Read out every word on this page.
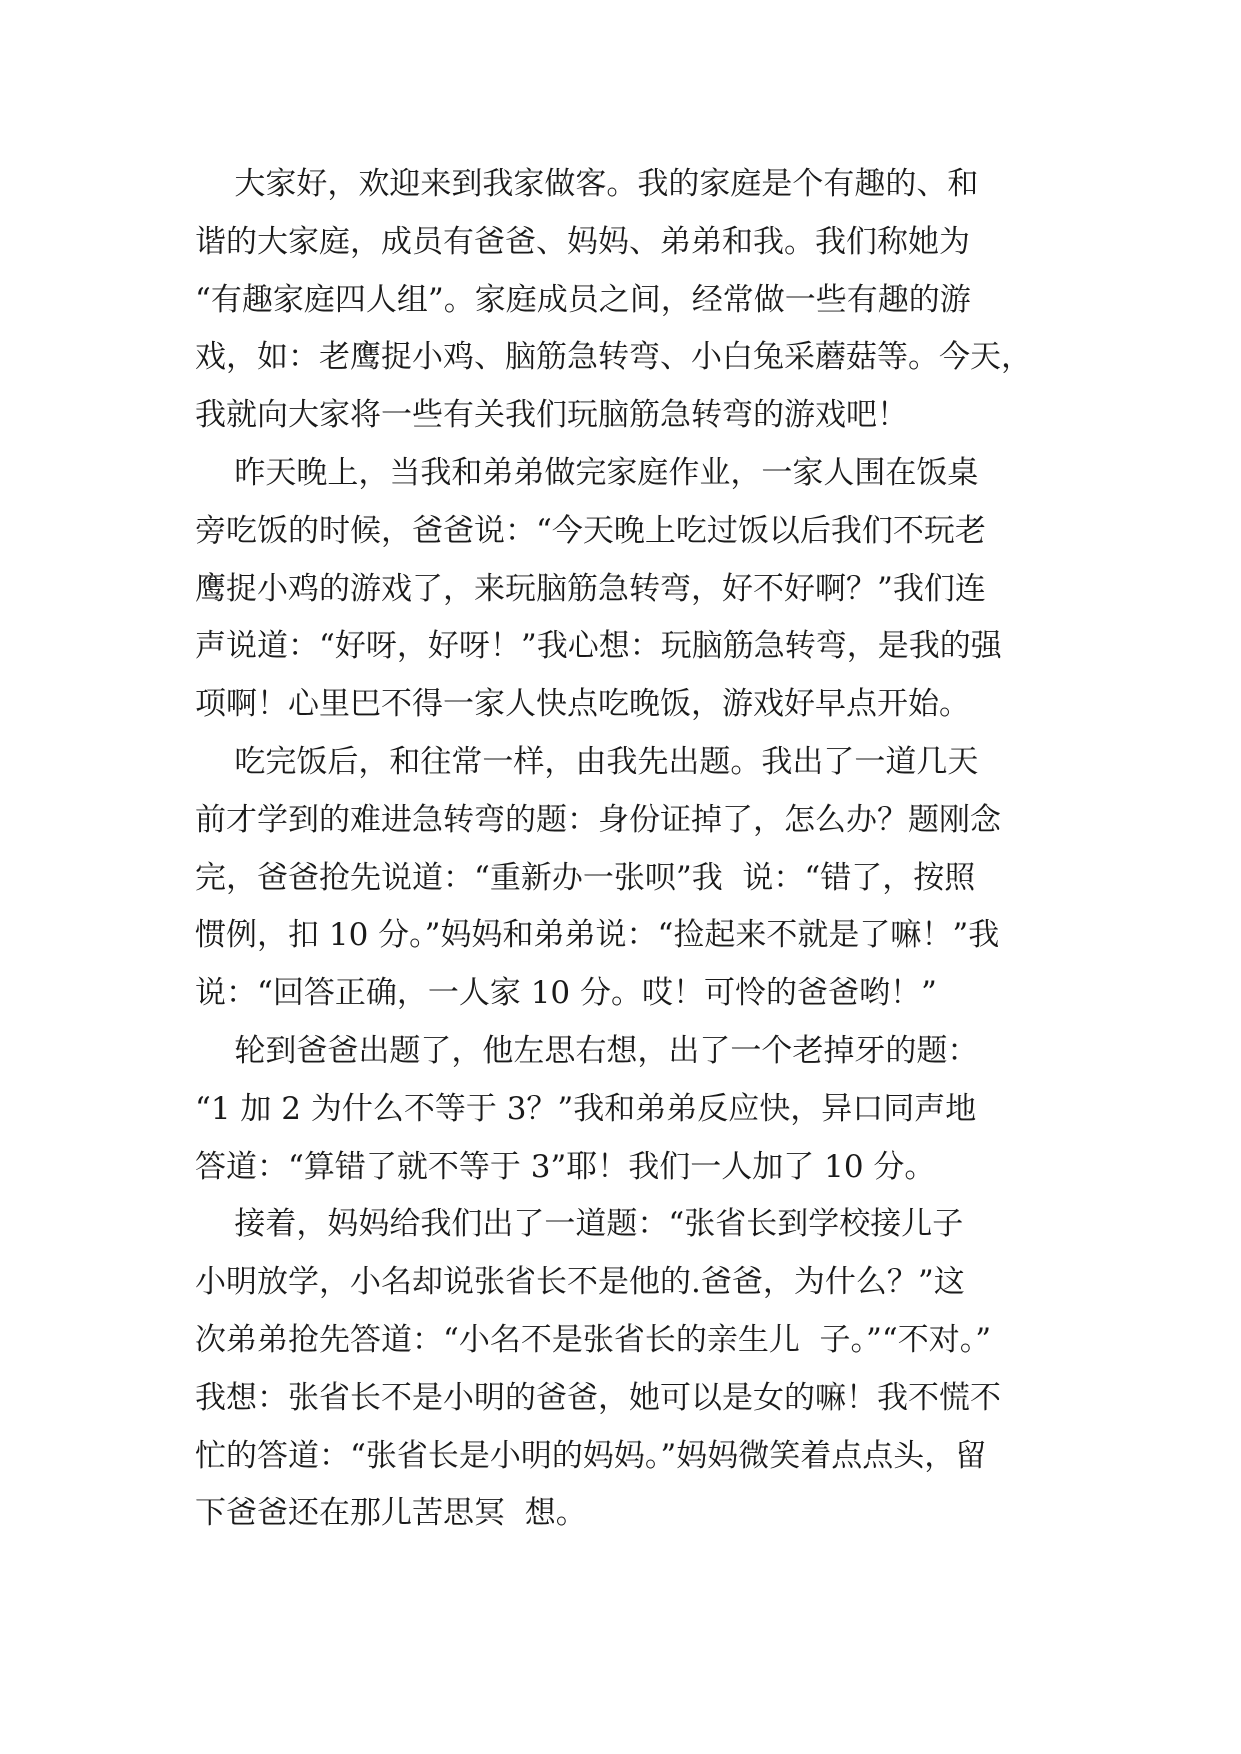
大家好，欢迎来到我家做客。我的家庭是个有趣的、和
谐的大家庭，成员有爸爸、妈妈、弟弟和我。我们称她为
“有趣家庭四人组”。家庭成员之间，经常做一些有趣的游
戏，如：老鹰捉小鸡、脑筋急转弯、小白兔采蘑菇等。今天，
我就向大家将一些有关我们玩脑筋急转弯的游戏吧！
昨天晚上，当我和弟弟做完家庭作业，一家人围在饭桌
旁吃饭的时候，爸爸说：“今天晚上吃过饭以后我们不玩老
鹰捉小鸡的游戏了，来玩脑筋急转弯，好不好啊？”我们连
声说道：“好呀，好呀！”我心想：玩脑筋急转弯，是我的强
项啊！心里巴不得一家人快点吃晚饭，游戏好早点开始。
吃完饭后，和往常一样，由我先出题。我出了一道几天
前才学到的难进急转弯的题：身份证掉了，怎么办？题刚念
完，爸爸抢先说道：“重新办一张呗”我  说：“错了，按照
惯例，扣 10 分。”妈妈和弟弟说：“捡起来不就是了嘛！”我
说：“回答正确，一人家 10 分。哎！可怜的爸爸哟！”
轮到爸爸出题了，他左思右想，出了一个老掉牙的题：
“1 加 2 为什么不等于 3？”我和弟弟反应快，异口同声地
答道：“算错了就不等于 3”耶！我们一人加了 10 分。
接着，妈妈给我们出了一道题：“张省长到学校接儿子
小明放学，小名却说张省长不是他的.爸爸，为什么？”这
次弟弟抢先答道：“小名不是张省长的亲生儿  子。”“不对。”
我想：张省长不是小明的爸爸，她可以是女的嘛！我不慌不
忙的答道：“张省长是小明的妈妈。”妈妈微笑着点点头，留
下爸爸还在那儿苦思冥  想。
